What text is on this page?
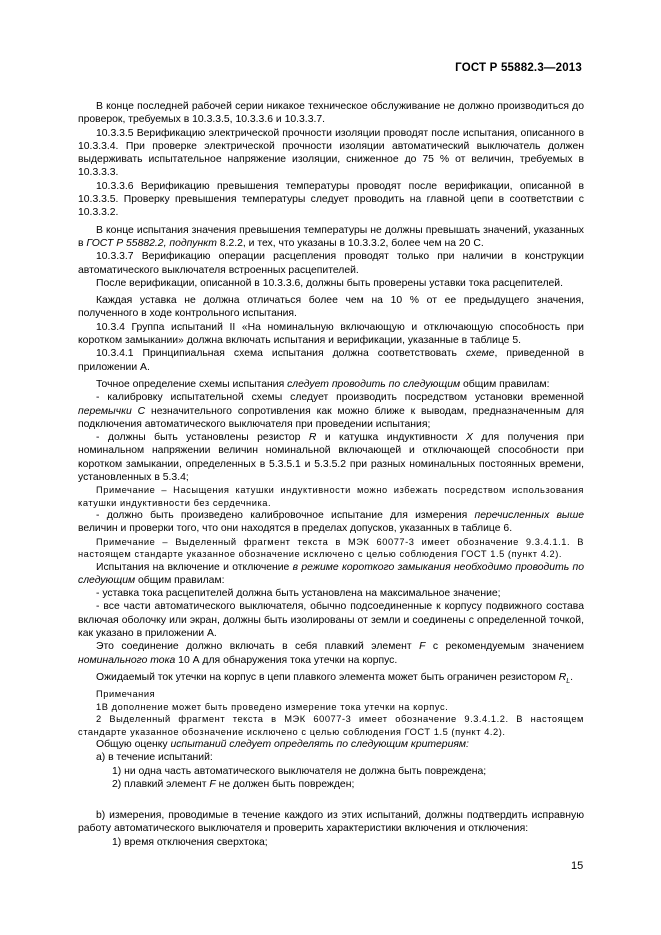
ГОСТ Р 55882.3—2013

В конце последней рабочей серии никакое техническое обслуживание не должно производиться до проверок, требуемых в 10.3.3.5, 10.3.3.6 и 10.3.3.7.

10.3.3.5 Верификацию электрической прочности изоляции проводят после испытания, описанного в 10.3.3.4. При проверке электрической прочности изоляции автоматический выключатель должен выдерживать испытательное напряжение изоляции, сниженное до 75 % от величин, требуемых в 10.3.3.3.

10.3.3.6 Верификацию превышения температуры проводят после верификации, описанной в 10.3.3.5. Проверку превышения температуры следует проводить на главной цепи в соответствии с 10.3.3.2.

В конце испытания значения превышения температуры не должны превышать значений, указанных в ГОСТ Р 55882.2, подпункт 8.2.2, и тех, что указаны в 10.3.3.2, более чем на 20 С.

10.3.3.7 Верификацию операции расцепления проводят только при наличии в конструкции автоматического выключателя встроенных расцепителей.

После верификации, описанной в 10.3.3.6, должны быть проверены уставки тока расцепителей.

Каждая уставка не должна отличаться более чем на 10 % от ее предыдущего значения, полученного в ходе контрольного испытания.

10.3.4 Группа испытаний II «На номинальную включающую и отключающую способность при коротком замыкании» должна включать испытания и верификации, указанные в таблице 5.

10.3.4.1 Принципиальная схема испытания должна соответствовать схеме, приведенной в приложении А.

Точное определение схемы испытания следует проводить по следующим общим правилам:

- калибровку испытательной схемы следует производить посредством установки временной перемычки С незначительного сопротивления как можно ближе к выводам, предназначенным для подключения автоматического выключателя при проведении испытания;

- должны быть установлены резистор R и катушка индуктивности X для получения при номинальном напряжении величин номинальной включающей и отключающей способности при коротком замыкании, определенных в 5.3.5.1 и 5.3.5.2 при разных номинальных постоянных времени, установленных в 5.3.4;

Примечание – Насыщения катушки индуктивности можно избежать посредством использования катушки индуктивности без сердечника.

- должно быть произведено калибровочное испытание для измерения перечисленных выше величин и проверки того, что они находятся в пределах допусков, указанных в таблице 6.

Примечание – Выделенный фрагмент текста в МЭК 60077-3 имеет обозначение 9.3.4.1.1. В настоящем стандарте указанное обозначение исключено с целью соблюдения ГОСТ 1.5 (пункт 4.2).

Испытания на включение и отключение в режиме короткого замыкания необходимо проводить по следующим общим правилам:

- уставка тока расцепителей должна быть установлена на максимальное значение;

- все части автоматического выключателя, обычно подсоединенные к корпусу подвижного состава включая оболочку или экран, должны быть изолированы от земли и соединены с определенной точкой, как указано в приложении А.

Это соединение должно включать в себя плавкий элемент F с рекомендуемым значением номинального тока 10 А для обнаружения тока утечки на корпус.

Ожидаемый ток утечки на корпус в цепи плавкого элемента может быть ограничен резистором $R_L$.

Примечания

1В дополнение может быть проведено измерение тока утечки на корпус.

2 Выделенный фрагмент текста в МЭК 60077-3 имеет обозначение 9.3.4.1.2. В настоящем стандарте указанное обозначение исключено с целью соблюдения ГОСТ 1.5 (пункт 4.2).

Общую оценку испытаний следует определять по следующим критериям:

а) в течение испытаний:

1) ни одна часть автоматического выключателя не должна быть повреждена;

2) плавкий элемент F не должен быть поврежден;

b) измерения, проводимые в течение каждого из этих испытаний, должны подтвердить исправную работу автоматического выключателя и проверить характеристики включения и отключения:

1) время отключения сверхтока;

15
